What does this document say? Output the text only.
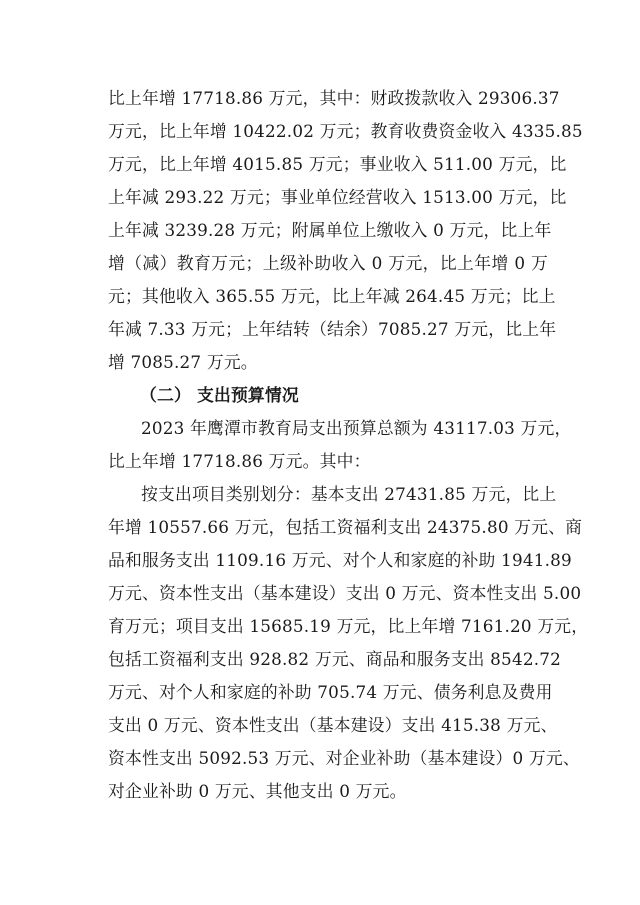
比上年增 17718.86 万元，其中：财政拨款收入 29306.37
万元，比上年增 10422.02 万元；教育收费资金收入 4335.85
万元，比上年增 4015.85 万元；事业收入 511.00 万元，比
上年减 293.22 万元；事业单位经营收入 1513.00 万元，比
上年减 3239.28 万元；附属单位上缴收入 0 万元，比上年
增（减）教育万元；上级补助收入 0 万元，比上年增 0 万
元；其他收入 365.55 万元，比上年减 264.45 万元；比上
年减 7.33 万元；上年结转（结余）7085.27 万元，比上年
增 7085.27 万元。
（二） 支出预算情况
2023 年鹰潭市教育局支出预算总额为 43117.03 万元，
比上年增 17718.86 万元。其中：
按支出项目类别划分：基本支出 27431.85 万元，比上
年增 10557.66 万元，包括工资福利支出 24375.80 万元、商
品和服务支出 1109.16 万元、对个人和家庭的补助 1941.89
万元、资本性支出（基本建设）支出 0 万元、资本性支出 5.00
育万元；项目支出 15685.19 万元，比上年增 7161.20 万元，
包括工资福利支出 928.82 万元、商品和服务支出 8542.72
万元、对个人和家庭的补助 705.74 万元、债务利息及费用
支出 0 万元、资本性支出（基本建设）支出 415.38 万元、
资本性支出 5092.53 万元、对企业补助（基本建设）0 万元、
对企业补助 0 万元、其他支出 0 万元。
